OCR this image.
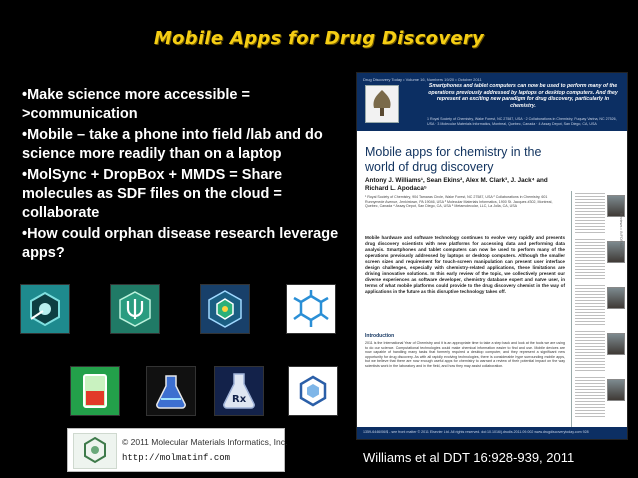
Mobile Apps for Drug Discovery

•Make science more accessible = >communication

•Mobile – take a phone into field /lab and do science more readily than on a laptop

•MolSync + DropBox + MMDS = Share molecules as SDF files on the cloud = collaborate

•How could orphan disease research leverage apps?

Rx
© 2011 Molecular Materials Informatics, Inc.
http://molmatinf.com
Drug Discovery Today • Volume 16, Numbers 19/20 • October 2011
Smartphones and tablet computers can now be used to perform many of the operations previously addressed by laptops or desktop computers. And they represent an exciting new paradigm for drug discovery, particularly in chemistry.
1 Royal Society of Chemistry, Wake Forest, NC 27587, USA · 2 Collaborations in Chemistry, Fuquay Varina, NC 27526, USA · 3 Molecular Materials Informatics, Montreal, Quebec, Canada · 4 Assay Depot, San Diego, CA, USA
Mobile apps for chemistry in the world of drug discovery
Antony J. Williams¹, Sean Ekins², Alex M. Clark³, J. Jack⁴ and Richard L. Apodaca⁵
¹ Royal Society of Chemistry, 904 Tamaras Circle, Wake Forest, NC 27587, USA ² Collaborations in Chemistry, 601 Runnymede Avenue, Jenkintown, PA 19046, USA ³ Molecular Materials Informatics, 1900 St. Jacques #302, Montreal, Quebec, Canada ⁴ Assay Depot, San Diego, CA, USA ⁵ Metamolecular, LLC, La Jolla, CA, USA
Mobile hardware and software technology continues to evolve very rapidly and presents drug discovery scientists with new platforms for accessing data and performing data analysis. Smartphones and tablet computers can now be used to perform many of the operations previously addressed by laptops or desktop computers. Although the smaller screen sizes and requirement for touch-screen manipulation can present user interface design challenges, especially with chemistry-related applications, these limitations are driving innovative solutions. In this early review of the topic, we collectively present our diverse experiences as software developer, chemistry database expert and naïve user, in terms of what mobile platforms could provide to the drug discovery chemist in the way of applications in the future as this disruptive technology takes off.
Introduction
2011 is the International Year of Chemistry and it is an appropriate time to take a step back and look at the tools we are using to do our science. Computational technologies could make chemical information easier to find and use. Mobile devices are now capable of handling many tasks that formerly required a desktop computer, and they represent a significant new opportunity for drug discovery. As with all rapidly evolving technologies, there is considerable hype surrounding mobile apps, but we believe that there are now enough useful apps for chemistry to warrant a review of their potential impact on the way scientists work in the laboratory and in the field, and how they may assist collaboration.
Reviews • INFORMATICS
1359-6446/06/$ - see front matter © 2011 Elsevier Ltd. All rights reserved. doi:10.1016/j.drudis.2011.09.002 www.drugdiscoverytoday.com 928
Williams et al DDT 16:928-939, 2011
